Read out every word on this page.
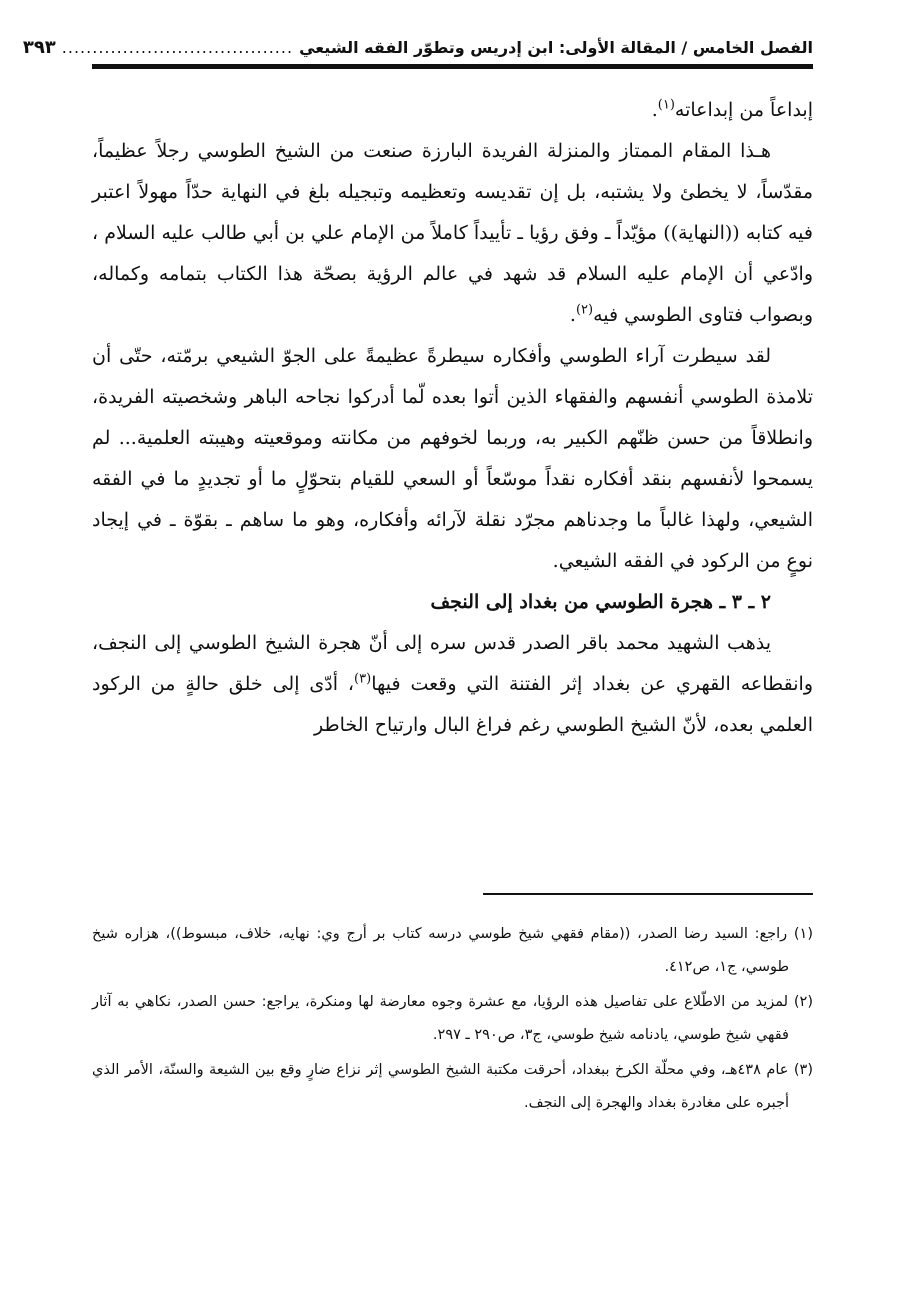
الفصل الخامس / المقالة الأولى: ابن إدريس وتطوّر الفقه الشيعي
......................................
٣٩٣

إبداعاً من إبداعاته$^{(١)}$.

هـذا المقام الممتاز والمنزلة الفريدة البارزة صنعت من الشيخ الطوسي رجلاً عظيماً، مقدّساً، لا يخطئ ولا يشتبه، بل إن تقديسه وتعظيمه وتبجيله بلغ في النهاية حدّاً مهولاً اعتبر فيه كتابه ((النهاية)) مؤيّداً ـ وفق رؤيا ـ تأييداً كاملاً من الإمام علي بن أبي طالب عليه السلام ، وادّعي أن الإمام عليه السلام قد شهد في عالم الرؤية بصحّة هذا الكتاب بتمامه وكماله، وبصواب فتاوى الطوسي فيه$^{(٢)}$.

لقد سيطرت آراء الطوسي وأفكاره سيطرةً عظيمةً على الجوّ الشيعي برمّته، حتّى أن تلامذة الطوسي أنفسهم والفقهاء الذين أتوا بعده لّما أدركوا نجاحه الباهر وشخصيته الفريدة، وانطلاقاً من حسن ظنّهم الكبير به، وربما لخوفهم من مكانته وموقعيته وهيبته العلمية... لم يسمحوا لأنفسهم بنقد أفكاره نقداً موسّعاً أو السعي للقيام بتحوّلٍ ما أو تجديدٍ ما في الفقه الشيعي، ولهذا غالباً ما وجدناهم مجرّد نقلة لآرائه وأفكاره، وهو ما ساهم ـ بقوّة ـ في إيجاد نوعٍ من الركود في الفقه الشيعي.

٢ ـ ٣ ـ هجرة الطوسي من بغداد إلى النجف

يذهب الشهيد محمد باقر الصدر قدس سره إلى أنّ هجرة الشيخ الطوسي إلى النجف، وانقطاعه القهري عن بغداد إثر الفتنة التي وقعت فيها$^{(٣)}$، أدّى إلى خلق حالةٍ من الركود العلمي بعده، لأنّ الشيخ الطوسي رغم فراغ البال وارتياح الخاطر

(١) راجع: السيد رضا الصدر، ((مقام فقهي شيخ طوسي درسه كتاب بر أرج وي: نهايه، خلاف، مبسوط))، هزاره شيخ طوسي، ج١، ص٤١٢.

(٢) لمزيد من الاطّلاع على تفاصيل هذه الرؤيا، مع عشرة وجوه معارضة لها ومنكرة، يراجع: حسن الصدر، نكاهي به آثار فقهي شيخ طوسي، يادنامه شيخ طوسي، ج٣، ص٢٩٠ ـ ٢٩٧.

(٣) عام ٤٣٨هـ، وفي محلّة الكرخ ببغداد، أحرقت مكتبة الشيخ الطوسي إثر نزاع ضارٍ وقع بين الشيعة والسنّة، الأمر الذي أجبره على مغادرة بغداد والهجرة إلى النجف.
